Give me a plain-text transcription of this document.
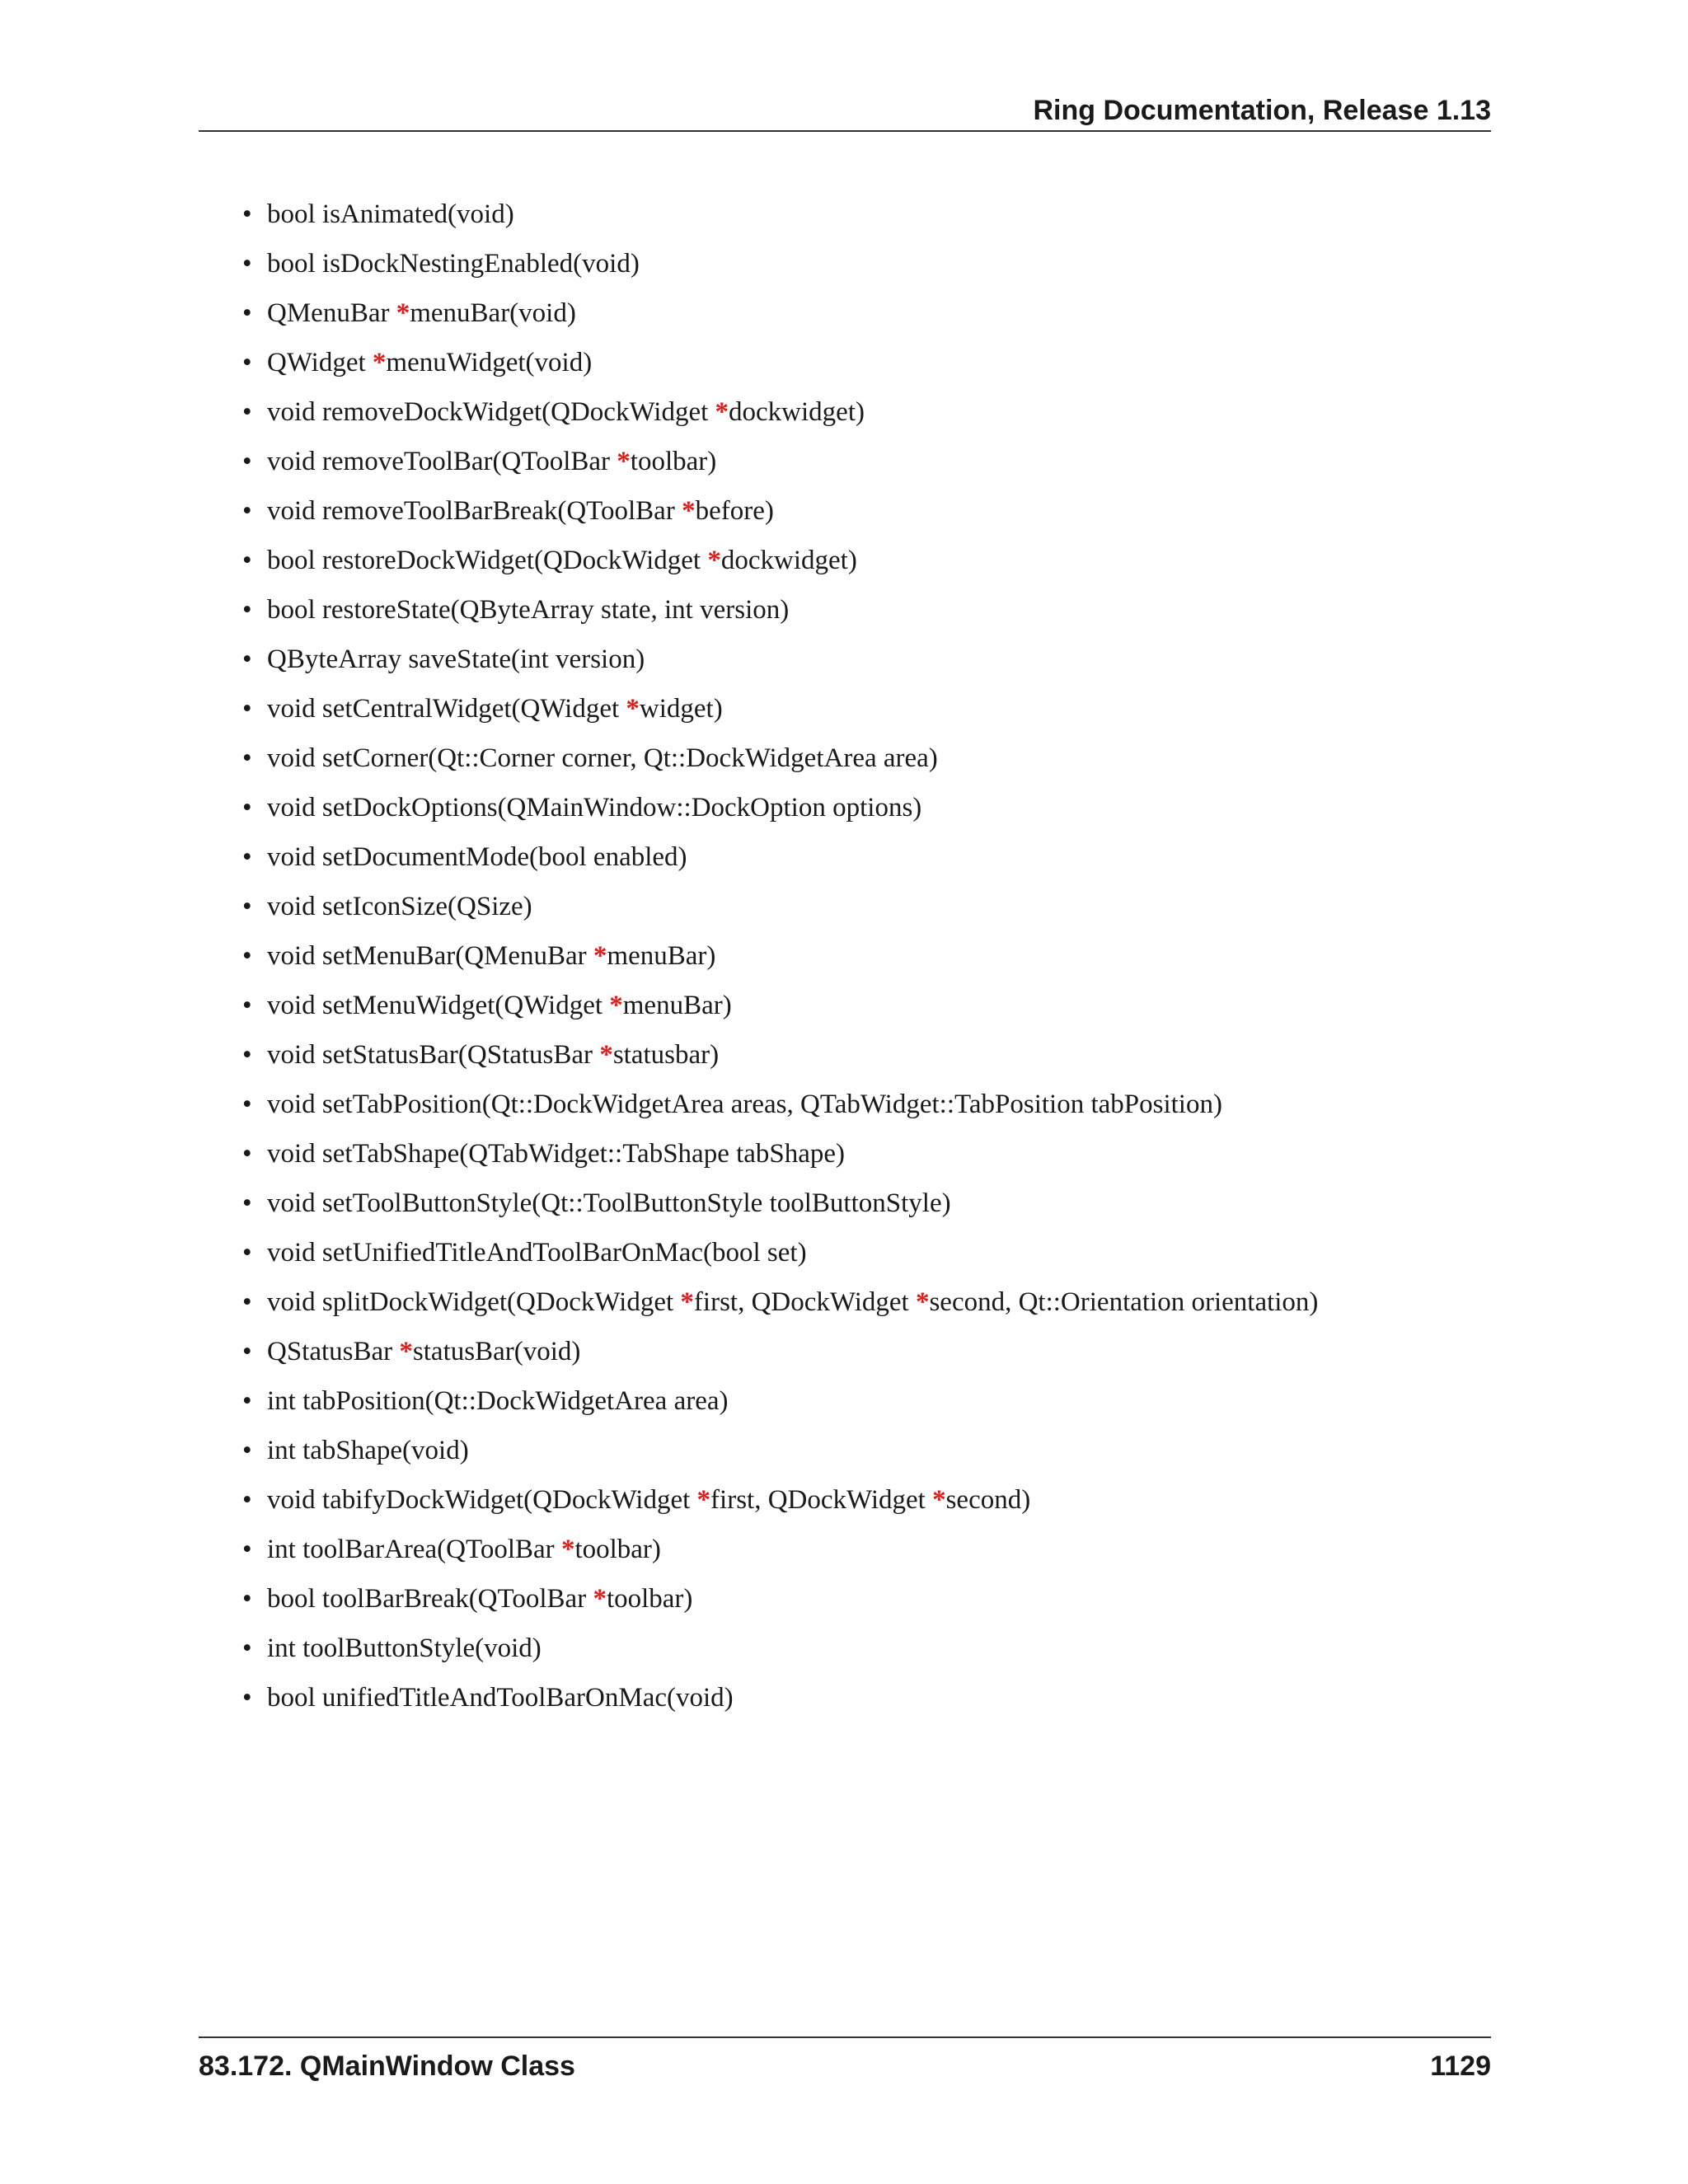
Ring Documentation, Release 1.13
• bool isAnimated(void)
• bool isDockNestingEnabled(void)
• QMenuBar *menuBar(void)
• QWidget *menuWidget(void)
• void removeDockWidget(QDockWidget *dockwidget)
• void removeToolBar(QToolBar *toolbar)
• void removeToolBarBreak(QToolBar *before)
• bool restoreDockWidget(QDockWidget *dockwidget)
• bool restoreState(QByteArray state, int version)
• QByteArray saveState(int version)
• void setCentralWidget(QWidget *widget)
• void setCorner(Qt::Corner corner, Qt::DockWidgetArea area)
• void setDockOptions(QMainWindow::DockOption options)
• void setDocumentMode(bool enabled)
• void setIconSize(QSize)
• void setMenuBar(QMenuBar *menuBar)
• void setMenuWidget(QWidget *menuBar)
• void setStatusBar(QStatusBar *statusbar)
• void setTabPosition(Qt::DockWidgetArea areas, QTabWidget::TabPosition tabPosition)
• void setTabShape(QTabWidget::TabShape tabShape)
• void setToolButtonStyle(Qt::ToolButtonStyle toolButtonStyle)
• void setUnifiedTitleAndToolBarOnMac(bool set)
• void splitDockWidget(QDockWidget *first, QDockWidget *second, Qt::Orientation orientation)
• QStatusBar *statusBar(void)
• int tabPosition(Qt::DockWidgetArea area)
• int tabShape(void)
• void tabifyDockWidget(QDockWidget *first, QDockWidget *second)
• int toolBarArea(QToolBar *toolbar)
• bool toolBarBreak(QToolBar *toolbar)
• int toolButtonStyle(void)
• bool unifiedTitleAndToolBarOnMac(void)
83.172. QMainWindow Class	1129
